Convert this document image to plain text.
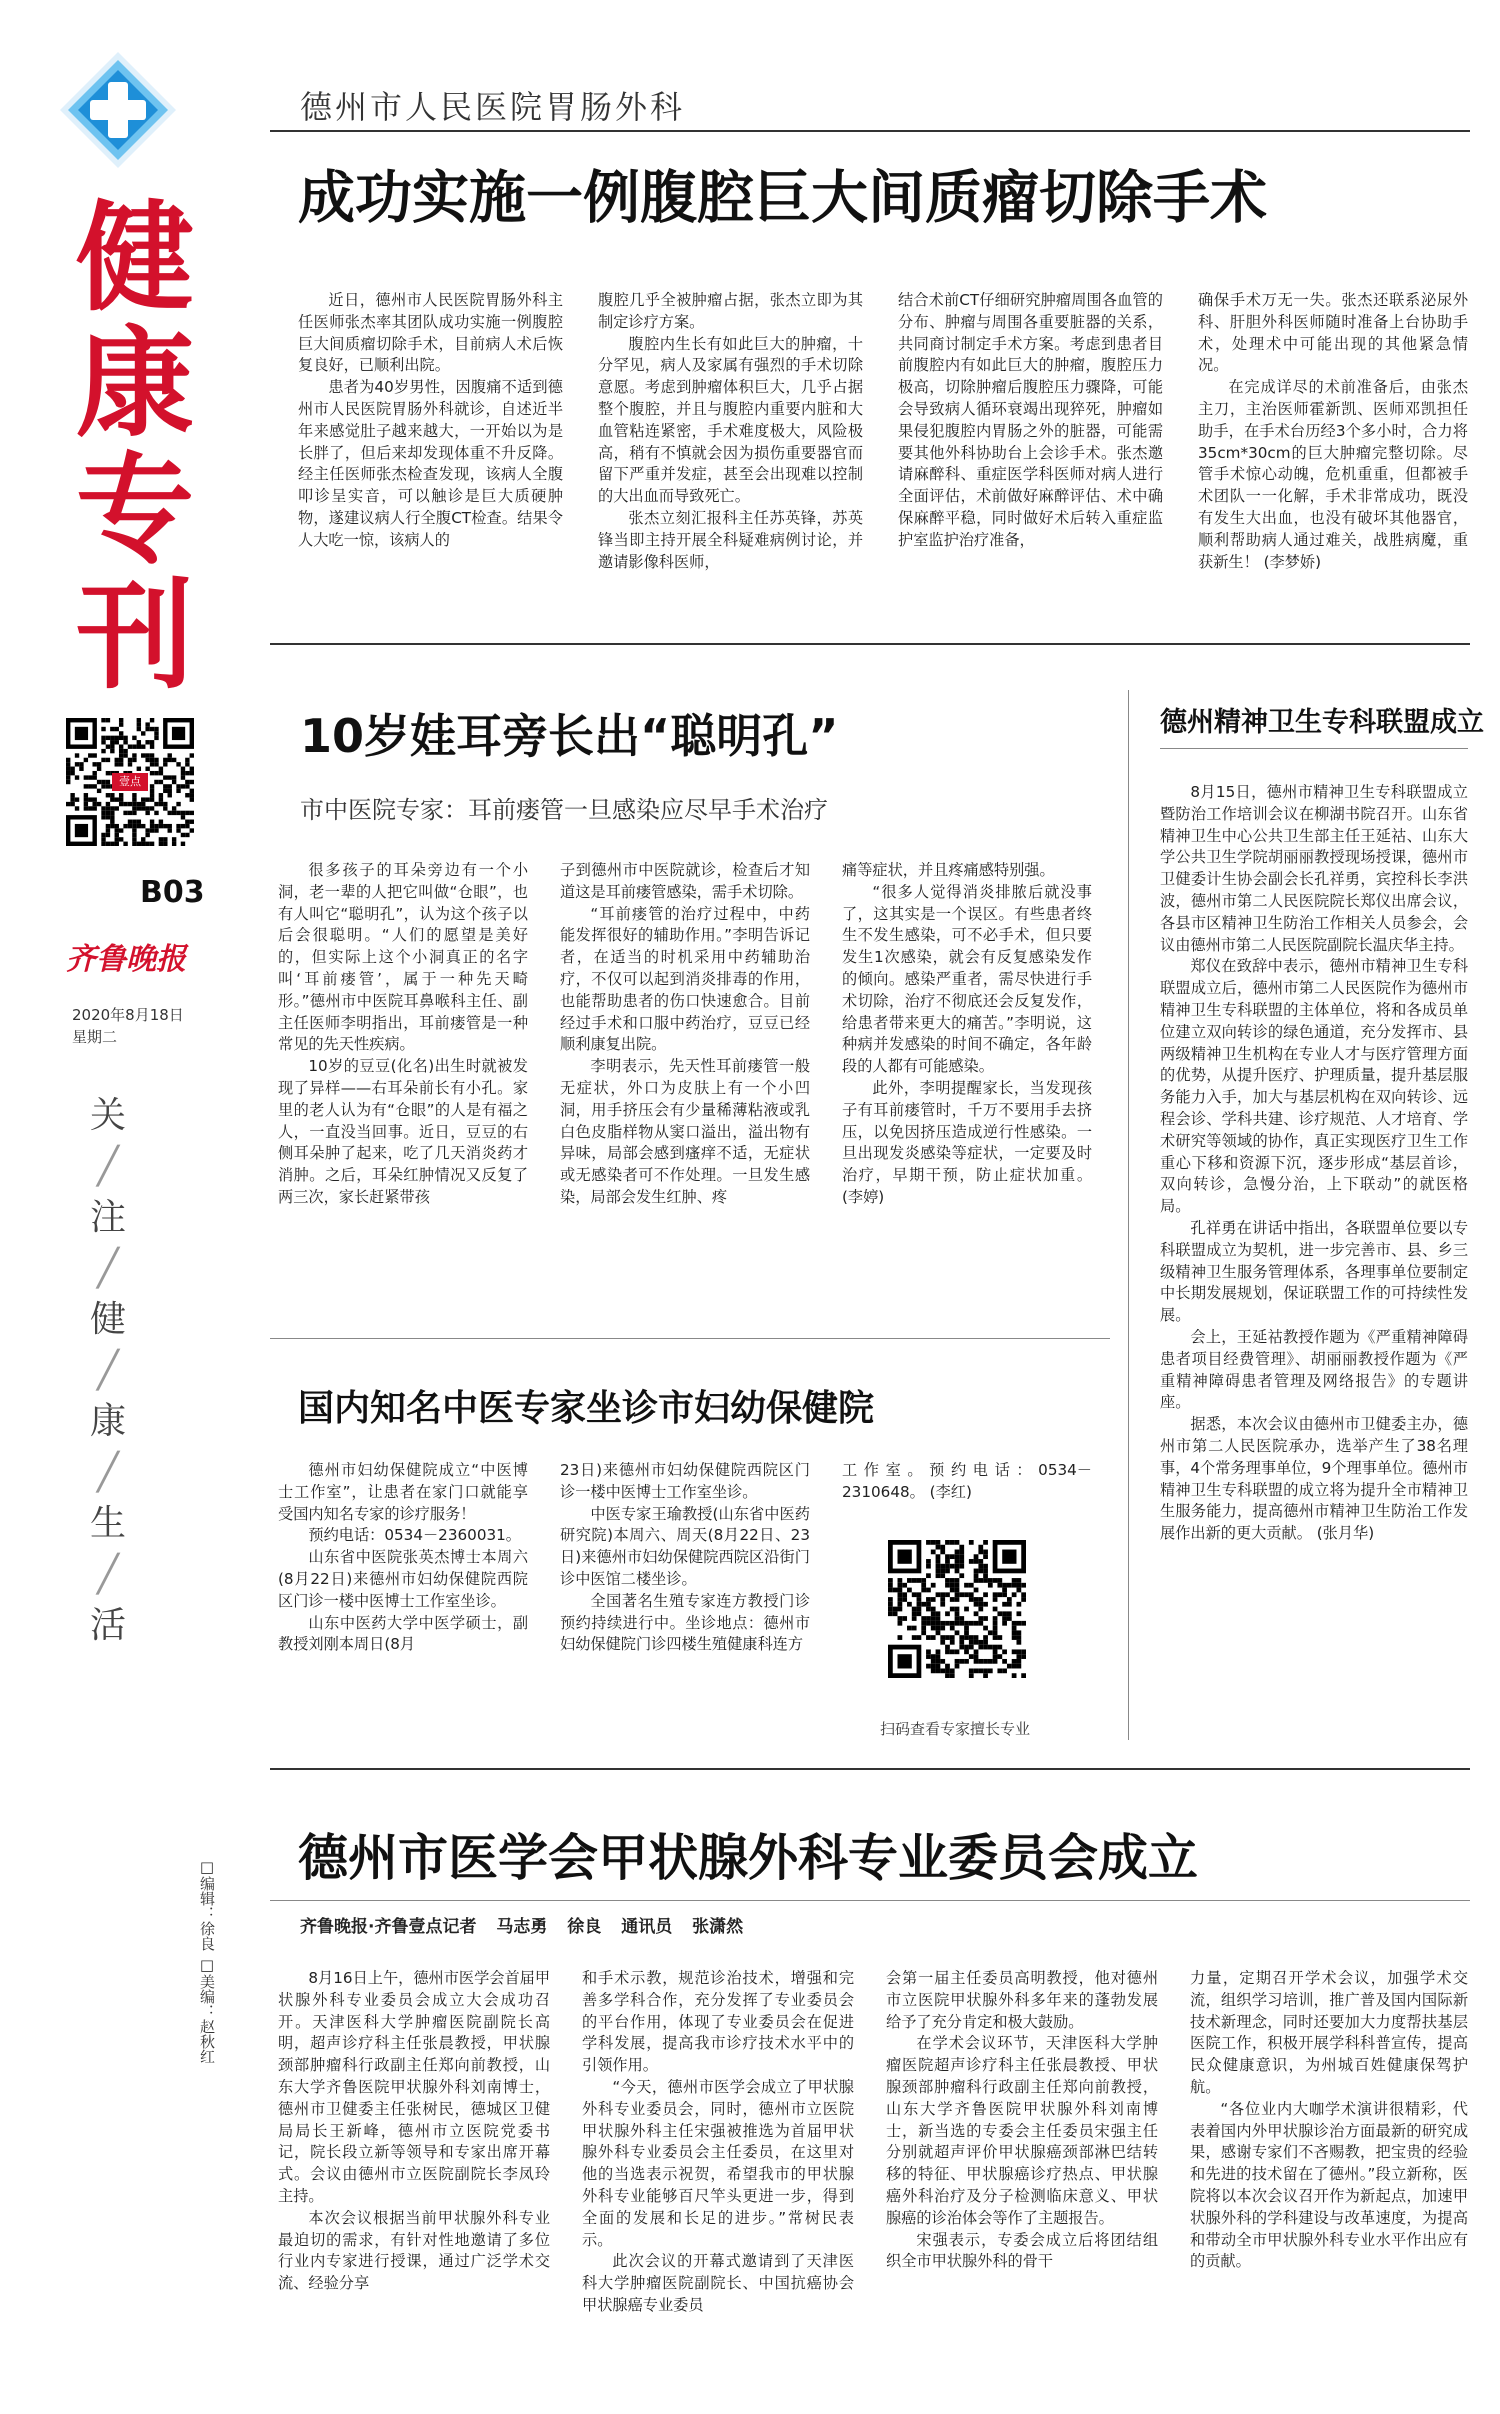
健康专刊
壹点
B03
齐鲁晚报
2020年8月18日
星期二
关
╱
注
╱
健
╱
康
╱
生
╱
活
□编辑：徐良 □美编：赵秋红
德州市人民医院胃肠外科
成功实施一例腹腔巨大间质瘤切除手术

近日，德州市人民医院胃肠外科主任医师张杰率其团队成功实施一例腹腔巨大间质瘤切除手术，目前病人术后恢复良好，已顺利出院。

患者为40岁男性，因腹痛不适到德州市人民医院胃肠外科就诊，自述近半年来感觉肚子越来越大，一开始以为是长胖了，但后来却发现体重不升反降。经主任医师张杰检查发现，该病人全腹叩诊呈实音，可以触诊是巨大质硬肿物，遂建议病人行全腹CT检查。结果令人大吃一惊，该病人的

腹腔几乎全被肿瘤占据，张杰立即为其制定诊疗方案。

腹腔内生长有如此巨大的肿瘤，十分罕见，病人及家属有强烈的手术切除意愿。考虑到肿瘤体积巨大，几乎占据整个腹腔，并且与腹腔内重要内脏和大血管粘连紧密，手术难度极大，风险极高，稍有不慎就会因为损伤重要器官而留下严重并发症，甚至会出现难以控制的大出血而导致死亡。

张杰立刻汇报科主任苏英锋，苏英锋当即主持开展全科疑难病例讨论，并邀请影像科医师，

结合术前CT仔细研究肿瘤周围各血管的分布、肿瘤与周围各重要脏器的关系，共同商讨制定手术方案。考虑到患者目前腹腔内有如此巨大的肿瘤，腹腔压力极高，切除肿瘤后腹腔压力骤降，可能会导致病人循环衰竭出现猝死，肿瘤如果侵犯腹腔内胃肠之外的脏器，可能需要其他外科协助台上会诊手术。张杰邀请麻醉科、重症医学科医师对病人进行全面评估，术前做好麻醉评估、术中确保麻醉平稳，同时做好术后转入重症监护室监护治疗准备，

确保手术万无一失。张杰还联系泌尿外科、肝胆外科医师随时准备上台协助手术，处理术中可能出现的其他紧急情况。

在完成详尽的术前准备后，由张杰主刀，主治医师霍新凯、医师邓凯担任助手，在手术台历经3个多小时，合力将35cm*30cm的巨大肿瘤完整切除。尽管手术惊心动魄，危机重重，但都被手术团队一一化解，手术非常成功，既没有发生大出血，也没有破坏其他器官，顺利帮助病人通过难关，战胜病魔，重获新生！ (李梦娇)

10岁娃耳旁长出“聪明孔”
市中医院专家：耳前瘘管一旦感染应尽早手术治疗

很多孩子的耳朵旁边有一个小洞，老一辈的人把它叫做“仓眼”，也有人叫它“聪明孔”，认为这个孩子以后会很聪明。“人们的愿望是美好的，但实际上这个小洞真正的名字叫‘耳前瘘管’，属于一种先天畸形。”德州市中医院耳鼻喉科主任、副主任医师李明指出，耳前瘘管是一种常见的先天性疾病。

10岁的豆豆(化名)出生时就被发现了异样——右耳朵前长有小孔。家里的老人认为有“仓眼”的人是有福之人，一直没当回事。近日，豆豆的右侧耳朵肿了起来，吃了几天消炎药才消肿。之后，耳朵红肿情况又反复了两三次，家长赶紧带孩

子到德州市中医院就诊，检查后才知道这是耳前瘘管感染，需手术切除。

“耳前瘘管的治疗过程中，中药能发挥很好的辅助作用。”李明告诉记者，在适当的时机采用中药辅助治疗，不仅可以起到消炎排毒的作用，也能帮助患者的伤口快速愈合。目前经过手术和口服中药治疗，豆豆已经顺利康复出院。

李明表示，先天性耳前瘘管一般无症状，外口为皮肤上有一个小凹洞，用手挤压会有少量稀薄粘液或乳白色皮脂样物从窦口溢出，溢出物有异味，局部会感到瘙痒不适，无症状或无感染者可不作处理。一旦发生感染，局部会发生红肿、疼

痛等症状，并且疼痛感特别强。

“很多人觉得消炎排脓后就没事了，这其实是一个误区。有些患者终生不发生感染，可不必手术，但只要发生1次感染，就会有反复感染发作的倾向。感染严重者，需尽快进行手术切除，治疗不彻底还会反复发作，给患者带来更大的痛苦。”李明说，这种病并发感染的时间不确定，各年龄段的人都有可能感染。

此外，李明提醒家长，当发现孩子有耳前瘘管时，千万不要用手去挤压，以免因挤压造成逆行性感染。一旦出现发炎感染等症状，一定要及时治疗，早期干预，防止症状加重。 (李婷)

德州精神卫生专科联盟成立

8月15日，德州市精神卫生专科联盟成立暨防治工作培训会议在柳湖书院召开。山东省精神卫生中心公共卫生部主任王延祜、山东大学公共卫生学院胡丽丽教授现场授课，德州市卫健委计生协会副会长孔祥勇，宾控科长李洪波，德州市第二人民医院院长郑仪出席会议，各县市区精神卫生防治工作相关人员参会，会议由德州市第二人民医院副院长温庆华主持。

郑仪在致辞中表示，德州市精神卫生专科联盟成立后，德州市第二人民医院作为德州市精神卫生专科联盟的主体单位，将和各成员单位建立双向转诊的绿色通道，充分发挥市、县两级精神卫生机构在专业人才与医疗管理方面的优势，从提升医疗、护理质量，提升基层服务能力入手，加大与基层机构在双向转诊、远程会诊、学科共建、诊疗规范、人才培育、学术研究等领域的协作，真正实现医疗卫生工作重心下移和资源下沉，逐步形成“基层首诊，双向转诊，急慢分治，上下联动”的就医格局。

孔祥勇在讲话中指出，各联盟单位要以专科联盟成立为契机，进一步完善市、县、乡三级精神卫生服务管理体系，各理事单位要制定中长期发展规划，保证联盟工作的可持续性发展。

会上，王延祜教授作题为《严重精神障碍患者项目经费管理》、胡丽丽教授作题为《严重精神障碍患者管理及网络报告》的专题讲座。

据悉，本次会议由德州市卫健委主办，德州市第二人民医院承办，选举产生了38名理事，4个常务理事单位，9个理事单位。德州市精神卫生专科联盟的成立将为提升全市精神卫生服务能力，提高德州市精神卫生防治工作发展作出新的更大贡献。 (张月华)

国内知名中医专家坐诊市妇幼保健院

德州市妇幼保健院成立“中医博士工作室”，让患者在家门口就能享受国内知名专家的诊疗服务！

预约电话：0534－2360031。

山东省中医院张英杰博士本周六(8月22日)来德州市妇幼保健院西院区门诊一楼中医博士工作室坐诊。

山东中医药大学中医学硕士，副教授刘刚本周日(8月

23日)来德州市妇幼保健院西院区门诊一楼中医博士工作室坐诊。

中医专家王瑜教授(山东省中医药研究院)本周六、周天(8月22日、23日)来德州市妇幼保健院西院区沿街门诊中医馆二楼坐诊。

全国著名生殖专家连方教授门诊预约持续进行中。坐诊地点：德州市妇幼保健院门诊四楼生殖健康科连方

工作室。预约电话：0534－2310648。 (李红)

扫码查看专家擅长专业
德州市医学会甲状腺外科专业委员会成立
齐鲁晚报·齐鲁壹点记者 马志勇 徐良 通讯员 张潇然

8月16日上午，德州市医学会首届甲状腺外科专业委员会成立大会成功召开。天津医科大学肿瘤医院副院长高明，超声诊疗科主任张晨教授，甲状腺颈部肿瘤科行政副主任郑向前教授，山东大学齐鲁医院甲状腺外科刘南博士，德州市卫健委主任张树民，德城区卫健局局长王新峰，德州市立医院党委书记，院长段立新等领导和专家出席开幕式。会议由德州市立医院副院长李凤玲主持。

本次会议根据当前甲状腺外科专业最迫切的需求，有针对性地邀请了多位行业内专家进行授课，通过广泛学术交流、经验分享

和手术示教，规范诊治技术，增强和完善多学科合作，充分发挥了专业委员会的平台作用，体现了专业委员会在促进学科发展，提高我市诊疗技术水平中的引领作用。

“今天，德州市医学会成立了甲状腺外科专业委员会，同时，德州市立医院甲状腺外科主任宋强被推选为首届甲状腺外科专业委员会主任委员，在这里对他的当选表示祝贺，希望我市的甲状腺外科专业能够百尺竿头更进一步，得到全面的发展和长足的进步。”常树民表示。

此次会议的开幕式邀请到了天津医科大学肿瘤医院副院长、中国抗癌协会甲状腺癌专业委员

会第一届主任委员高明教授，他对德州市立医院甲状腺外科多年来的蓬勃发展给予了充分肯定和极大鼓励。

在学术会议环节，天津医科大学肿瘤医院超声诊疗科主任张晨教授、甲状腺颈部肿瘤科行政副主任郑向前教授，山东大学齐鲁医院甲状腺外科刘南博士，新当选的专委会主任委员宋强主任分别就超声评价甲状腺癌颈部淋巴结转移的特征、甲状腺癌诊疗热点、甲状腺癌外科治疗及分子检测临床意义、甲状腺癌的诊治体会等作了主题报告。

宋强表示，专委会成立后将团结组织全市甲状腺外科的骨干

力量，定期召开学术会议，加强学术交流，组织学习培训，推广普及国内国际新技术新理念，同时还要加大力度帮扶基层医院工作，积极开展学科科普宣传，提高民众健康意识，为州城百姓健康保驾护航。

“各位业内大咖学术演讲很精彩，代表着国内外甲状腺诊治方面最新的研究成果，感谢专家们不吝赐教，把宝贵的经验和先进的技术留在了德州。”段立新称，医院将以本次会议召开作为新起点，加速甲状腺外科的学科建设与改革速度，为提高和带动全市甲状腺外科专业水平作出应有的贡献。
